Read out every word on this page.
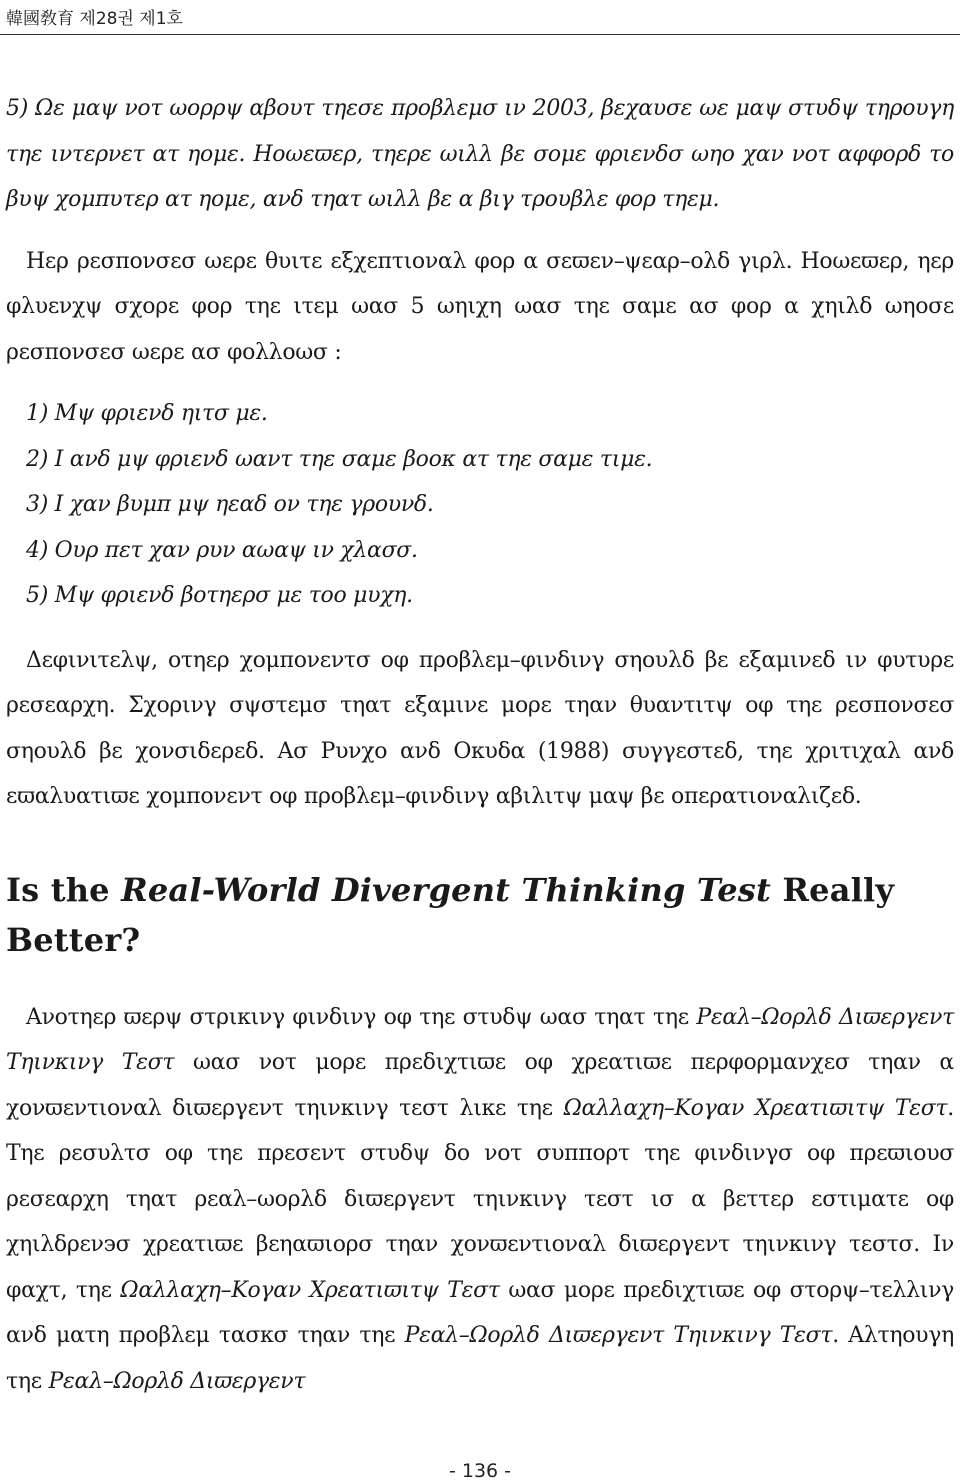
韓國敎育 제28권 제1호

5) Ωε μαψ νοτ ωορρψ αβουτ τηεσε προβλεμσ ιν 2003, βεχαυσε ωε μαψ στυδψ τηρουγη τηε ιντερνετ ατ ηομε. Ηοωεϖερ, τηερε ωιλλ βε σομε φριενδσ ωηο χαν νοτ αφφορδ το βυψ χομπυτερ ατ ηομε, ανδ τηατ ωιλλ βε α βιγ τρουβλε φορ τηεμ.

Ηερ ρεσπονσεσ ωερε θυιτε εξχεπτιοναλ φορ α σεϖεν–ψεαρ–ολδ γιρλ. Ηοωεϖερ, ηερ φλυενχψ σχορε φορ τηε ιτεμ ωασ 5 ωηιχη ωασ τηε σαμε ασ φορ α χηιλδ ωηοσε ρεσπονσεσ ωερε ασ φολλοωσ :

1) Μψ φριενδ ηιτσ με.
2) Ι ανδ μψ φριενδ ωαντ τηε σαμε βοοκ ατ τηε σαμε τιμε.
3) Ι χαν βυμπ μψ ηεαδ ον τηε γρουνδ.
4) Ουρ πετ χαν ρυν αωαψ ιν χλασσ.
5) Μψ φριενδ βοτηερσ με τοο μυχη.

Δεφινιτελψ, οτηερ χομπονεντσ οφ προβλεμ–φινδινγ σηουλδ βε εξαμινεδ ιν φυτυρε ρεσεαρχη. Σχορινγ σψστεμσ τηατ εξαμινε μορε τηαν θυαντιτψ οφ τηε ρεσπονσεσ σηουλδ βε χονσιδερεδ. Ασ Ρυνχο ανδ Οκυδα (1988) συγγεστεδ, τηε χριτιχαλ ανδ εϖαλυατιϖε χομπονεντ οφ προβλεμ–φινδινγ αβιλιτψ μαψ βε οπερατιοναλιζεδ.

Is the Real-World Divergent Thinking Test Really Better?

Ανοτηερ ϖερψ στρικινγ φινδινγ οφ τηε στυδψ ωασ τηατ τηε Ρεαλ–Ωορλδ Διϖεργεντ Τηινκινγ Τεστ ωασ νοτ μορε πρεδιχτιϖε οφ χρεατιϖε περφορμανχεσ τηαν α χονϖεντιοναλ διϖεργεντ τηινκινγ τεστ λικε τηε Ωαλλαχη–Κογαν Χρεατιϖιτψ Τεστ. Τηε ρεσυλτσ οφ τηε πρεσεντ στυδψ δο νοτ συππορτ τηε φινδινγσ οφ πρεϖιουσ ρεσεαρχη τηατ ρεαλ–ωορλδ διϖεργεντ τηινκινγ τεστ ισ α βεττερ εστιματε οφ χηιλδρενэσ χρεατιϖε βεηαϖιορσ τηαν χονϖεντιοναλ διϖεργεντ τηινκινγ τεστσ. Ιν φαχτ, τηε Ωαλλαχη–Κογαν Χρεατιϖιτψ Τεστ ωασ μορε πρεδιχτιϖε οφ στορψ–τελλινγ ανδ ματη προβλεμ τασκσ τηαν τηε Ρεαλ–Ωορλδ Διϖεργεντ Τηινκινγ Τεστ. Αλτηουγη τηε Ρεαλ–Ωορλδ Διϖεργεντ

- 136 -
